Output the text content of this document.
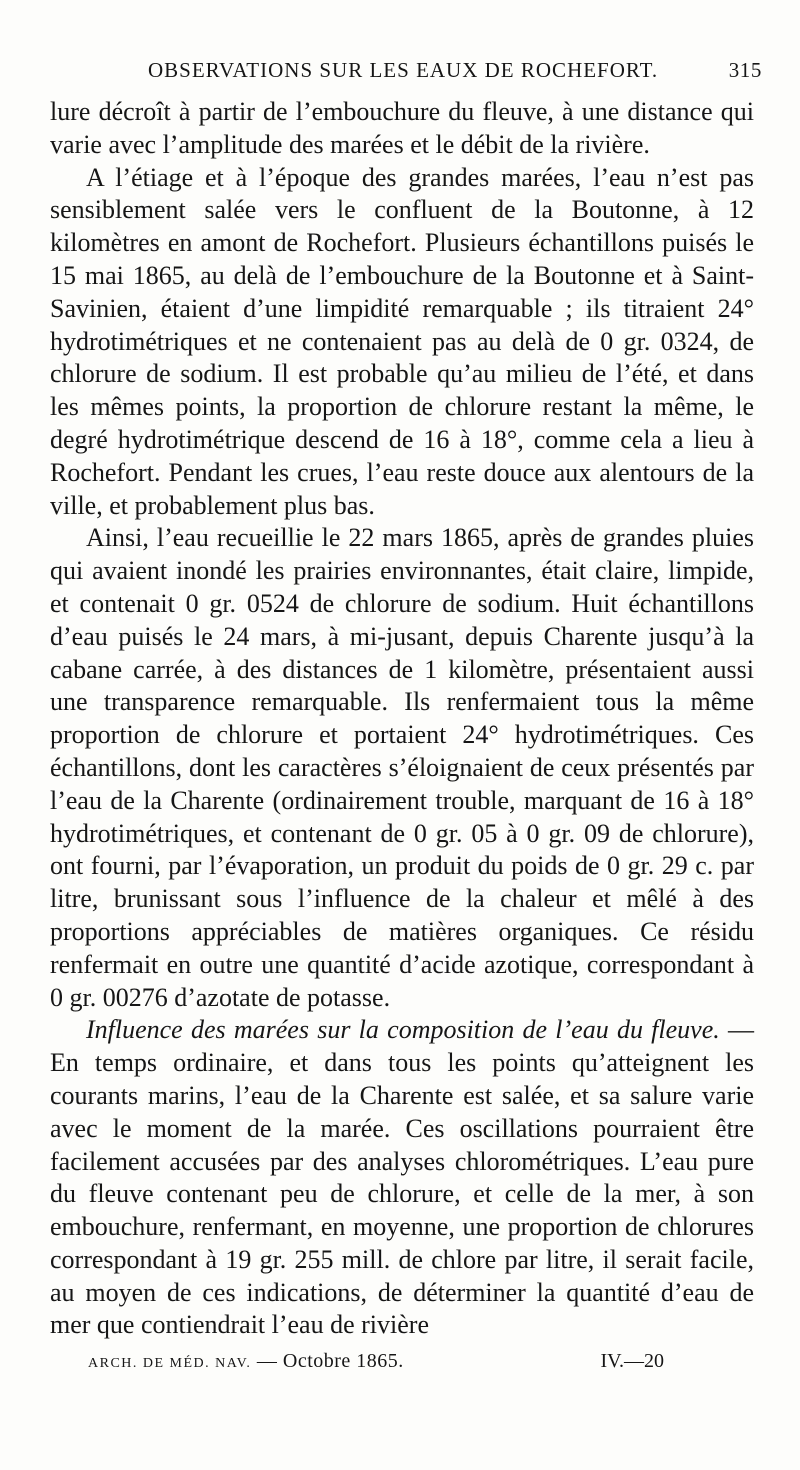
OBSERVATIONS SUR LES EAUX DE ROCHEFORT.	315

lure décroît à partir de l’embouchure du fleuve, à une distance qui varie avec l’amplitude des marées et le débit de la rivière.

A l’étiage et à l’époque des grandes marées, l’eau n’est pas sensiblement salée vers le confluent de la Boutonne, à 12 kilomètres en amont de Rochefort. Plusieurs échantillons puisés le 15 mai 1865, au delà de l’embouchure de la Boutonne et à Saint-Savinien, étaient d’une limpidité remarquable ; ils titraient 24° hydrotimétriques et ne contenaient pas au delà de 0 gr. 0324, de chlorure de sodium. Il est probable qu’au milieu de l’été, et dans les mêmes points, la proportion de chlorure restant la même, le degré hydrotimétrique descend de 16 à 18°, comme cela a lieu à Rochefort. Pendant les crues, l’eau reste douce aux alentours de la ville, et probablement plus bas.

Ainsi, l’eau recueillie le 22 mars 1865, après de grandes pluies qui avaient inondé les prairies environnantes, était claire, limpide, et contenait 0 gr. 0524 de chlorure de sodium. Huit échantillons d’eau puisés le 24 mars, à mi-jusant, depuis Charente jusqu’à la cabane carrée, à des distances de 1 kilomètre, présentaient aussi une transparence remarquable. Ils renfermaient tous la même proportion de chlorure et portaient 24° hydrotimétriques. Ces échantillons, dont les caractères s’éloignaient de ceux présentés par l’eau de la Charente (ordinairement trouble, marquant de 16 à 18° hydrotimétriques, et contenant de 0 gr. 05 à 0 gr. 09 de chlorure), ont fourni, par l’évaporation, un produit du poids de 0 gr. 29 c. par litre, brunissant sous l’influence de la chaleur et mêlé à des proportions appréciables de matières organiques. Ce résidu renfermait en outre une quantité d’acide azotique, correspondant à 0 gr. 00276 d’azotate de potasse.

Influence des marées sur la composition de l’eau du fleuve. — En temps ordinaire, et dans tous les points qu’atteignent les courants marins, l’eau de la Charente est salée, et sa salure varie avec le moment de la marée. Ces oscillations pourraient être facilement accusées par des analyses chlorométriques. L’eau pure du fleuve contenant peu de chlorure, et celle de la mer, à son embouchure, renfermant, en moyenne, une proportion de chlorures correspondant à 19 gr. 255 mill. de chlore par litre, il serait facile, au moyen de ces indications, de déterminer la quantité d’eau de mer que contiendrait l’eau de rivière

ARCH. DE MÉD. NAV. — Octobre 1865.	IV.—20
